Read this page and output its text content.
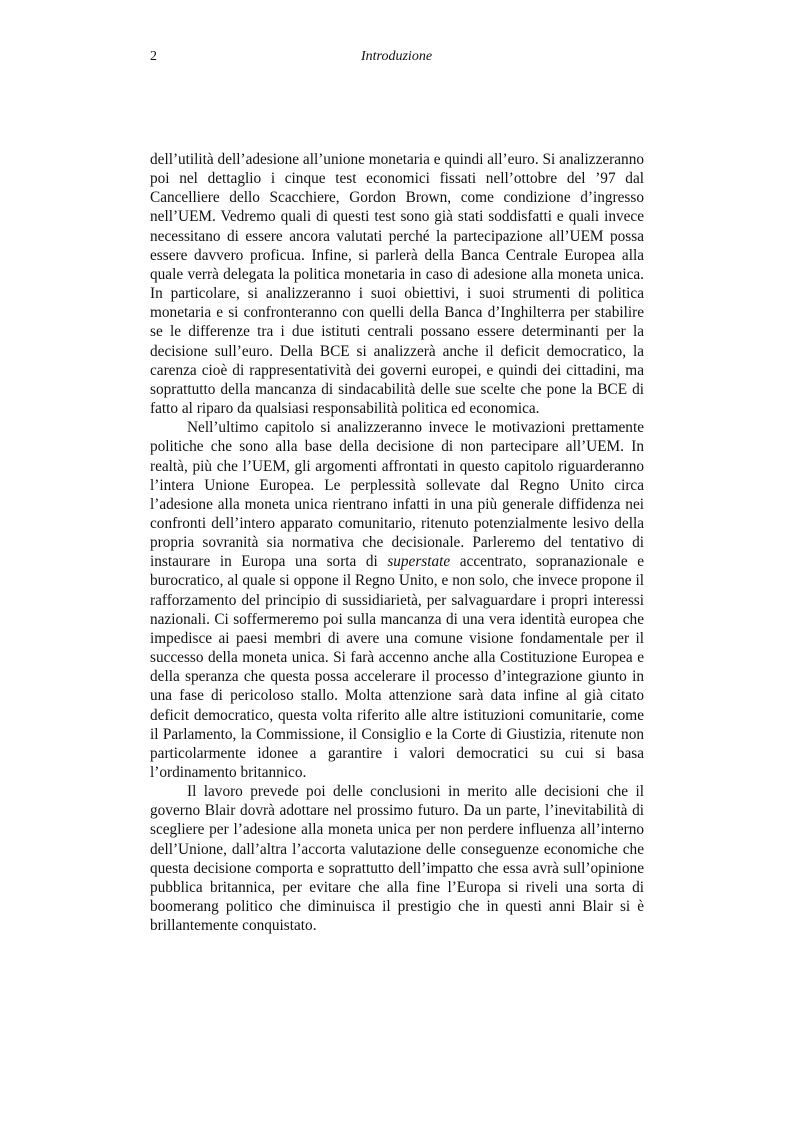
2	Introduzione

dell’utilità dell’adesione all’unione monetaria e quindi all’euro. Si analizzeranno poi nel dettaglio i cinque test economici fissati nell’ottobre del ’97 dal Cancelliere dello Scacchiere, Gordon Brown, come condizione d’ingresso nell’UEM. Vedremo quali di questi test sono già stati soddisfatti e quali invece necessitano di essere ancora valutati perché la partecipazione all’UEM possa essere davvero proficua. Infine, si parlerà della Banca Centrale Europea alla quale verrà delegata la politica monetaria in caso di adesione alla moneta unica. In particolare, si analizzeranno i suoi obiettivi, i suoi strumenti di politica monetaria e si confronteranno con quelli della Banca d’Inghilterra per stabilire se le differenze tra i due istituti centrali possano essere determinanti per la decisione sull’euro. Della BCE si analizzerà anche il deficit democratico, la carenza cioè di rappresentatività dei governi europei, e quindi dei cittadini, ma soprattutto della mancanza di sindacabilità delle sue scelte che pone la BCE di fatto al riparo da qualsiasi responsabilità politica ed economica.

Nell’ultimo capitolo si analizzeranno invece le motivazioni prettamente politiche che sono alla base della decisione di non partecipare all’UEM. In realtà, più che l’UEM, gli argomenti affrontati in questo capitolo riguarderanno l’intera Unione Europea. Le perplessità sollevate dal Regno Unito circa l’adesione alla moneta unica rientrano infatti in una più generale diffidenza nei confronti dell’intero apparato comunitario, ritenuto potenzialmente lesivo della propria sovranità sia normativa che decisionale. Parleremo del tentativo di instaurare in Europa una sorta di superstate accentrato, sopranazionale e burocratico, al quale si oppone il Regno Unito, e non solo, che invece propone il rafforzamento del principio di sussidiarietà, per salvaguardare i propri interessi nazionali. Ci soffermeremo poi sulla mancanza di una vera identità europea che impedisce ai paesi membri di avere una comune visione fondamentale per il successo della moneta unica. Si farà accenno anche alla Costituzione Europea e della speranza che questa possa accelerare il processo d’integrazione giunto in una fase di pericoloso stallo. Molta attenzione sarà data infine al già citato deficit democratico, questa volta riferito alle altre istituzioni comunitarie, come il Parlamento, la Commissione, il Consiglio e la Corte di Giustizia, ritenute non particolarmente idonee a garantire i valori democratici su cui si basa l’ordinamento britannico.

Il lavoro prevede poi delle conclusioni in merito alle decisioni che il governo Blair dovrà adottare nel prossimo futuro. Da un parte, l’inevitabilità di scegliere per l’adesione alla moneta unica per non perdere influenza all’interno dell’Unione, dall’altra l’accorta valutazione delle conseguenze economiche che questa decisione comporta e soprattutto dell’impatto che essa avrà sull’opinione pubblica britannica, per evitare che alla fine l’Europa si riveli una sorta di boomerang politico che diminuisca il prestigio che in questi anni Blair si è brillantemente conquistato.
